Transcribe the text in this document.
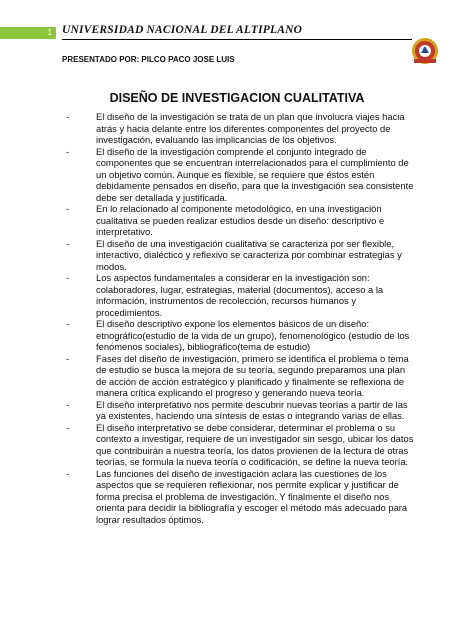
1 UNIVERSIDAD NACIONAL DEL ALTIPLANO
PRESENTADO POR: PILCO PACO JOSE LUIS
DISEÑO DE INVESTIGACION CUALITATIVA
-	El diseño de la investigación se trata de un plan que involucra viajes hacia atrás y hacia delante entre los diferentes componentes del proyecto de investigación, evaluando las implicancias de los objetivos.
-	El diseño de la investigación comprende el conjunto integrado de componentes que se encuentran interrelacionados para el cumplimiento de un objetivo común. Aunque es flexible, se requiere que éstos estén debidamente pensados en diseño, para que la investigación sea consistente debe ser detallada y justificada.
-	En lo relacionado al componente metodológico, en una investigación cualitativa se pueden realizar estudios desde un diseño: descriptivo e interpretativo.
-	El diseño de una investigación cualitativa se caracteriza por ser flexible, interactivo, dialéctico y reflexivo se caracteriza por combinar estrategias y modos.
-	Los aspectos fundamentales a considerar en la investigación son: colaboradores, lugar, estrategias, material (documentos), acceso a la información, instrumentos de recolección, recursos humanos y procedimientos.
-	El diseño descriptivo expone los elementos básicos de un diseño: etnográfico(estudio de la vida de un grupo), fenomenológico (estudio de los fenómenos sociales), bibliográfico(tema de estudio)
-	Fases del diseño de investigación, primero se identifica el problema o tema de estudio se busca la mejora de su teoría, segundo preparamos una plan de acción de acción estratégico y planificado y finalmente se reflexiona de manera crítica explicando el progreso y generando nueva teoría.
-	El diseño interpretativo nos permite descubrir nuevas teorías a partir de las ya existentes, haciendo una síntesis de estas o integrando varias de ellas.
-	El diseño interpretativo se debe considerar, determinar el problema o su contexto a investigar, requiere de un investigador sin sesgo, ubicar los datos que contribuirán a nuestra teoría, los datos provienen de la lectura de otras teorías, se formula la nueva teoría o codificación, se define la nueva teoría.
-	Las funciones del diseño de investigación aclara las cuestiones de los aspectos que se requieren reflexionar, nos permite explicar y justificar de forma precisa el problema de investigación. Y finalmente el diseño nos orienta para decidir la bibliografía y escoger el método más adecuado para lograr resultados óptimos.
